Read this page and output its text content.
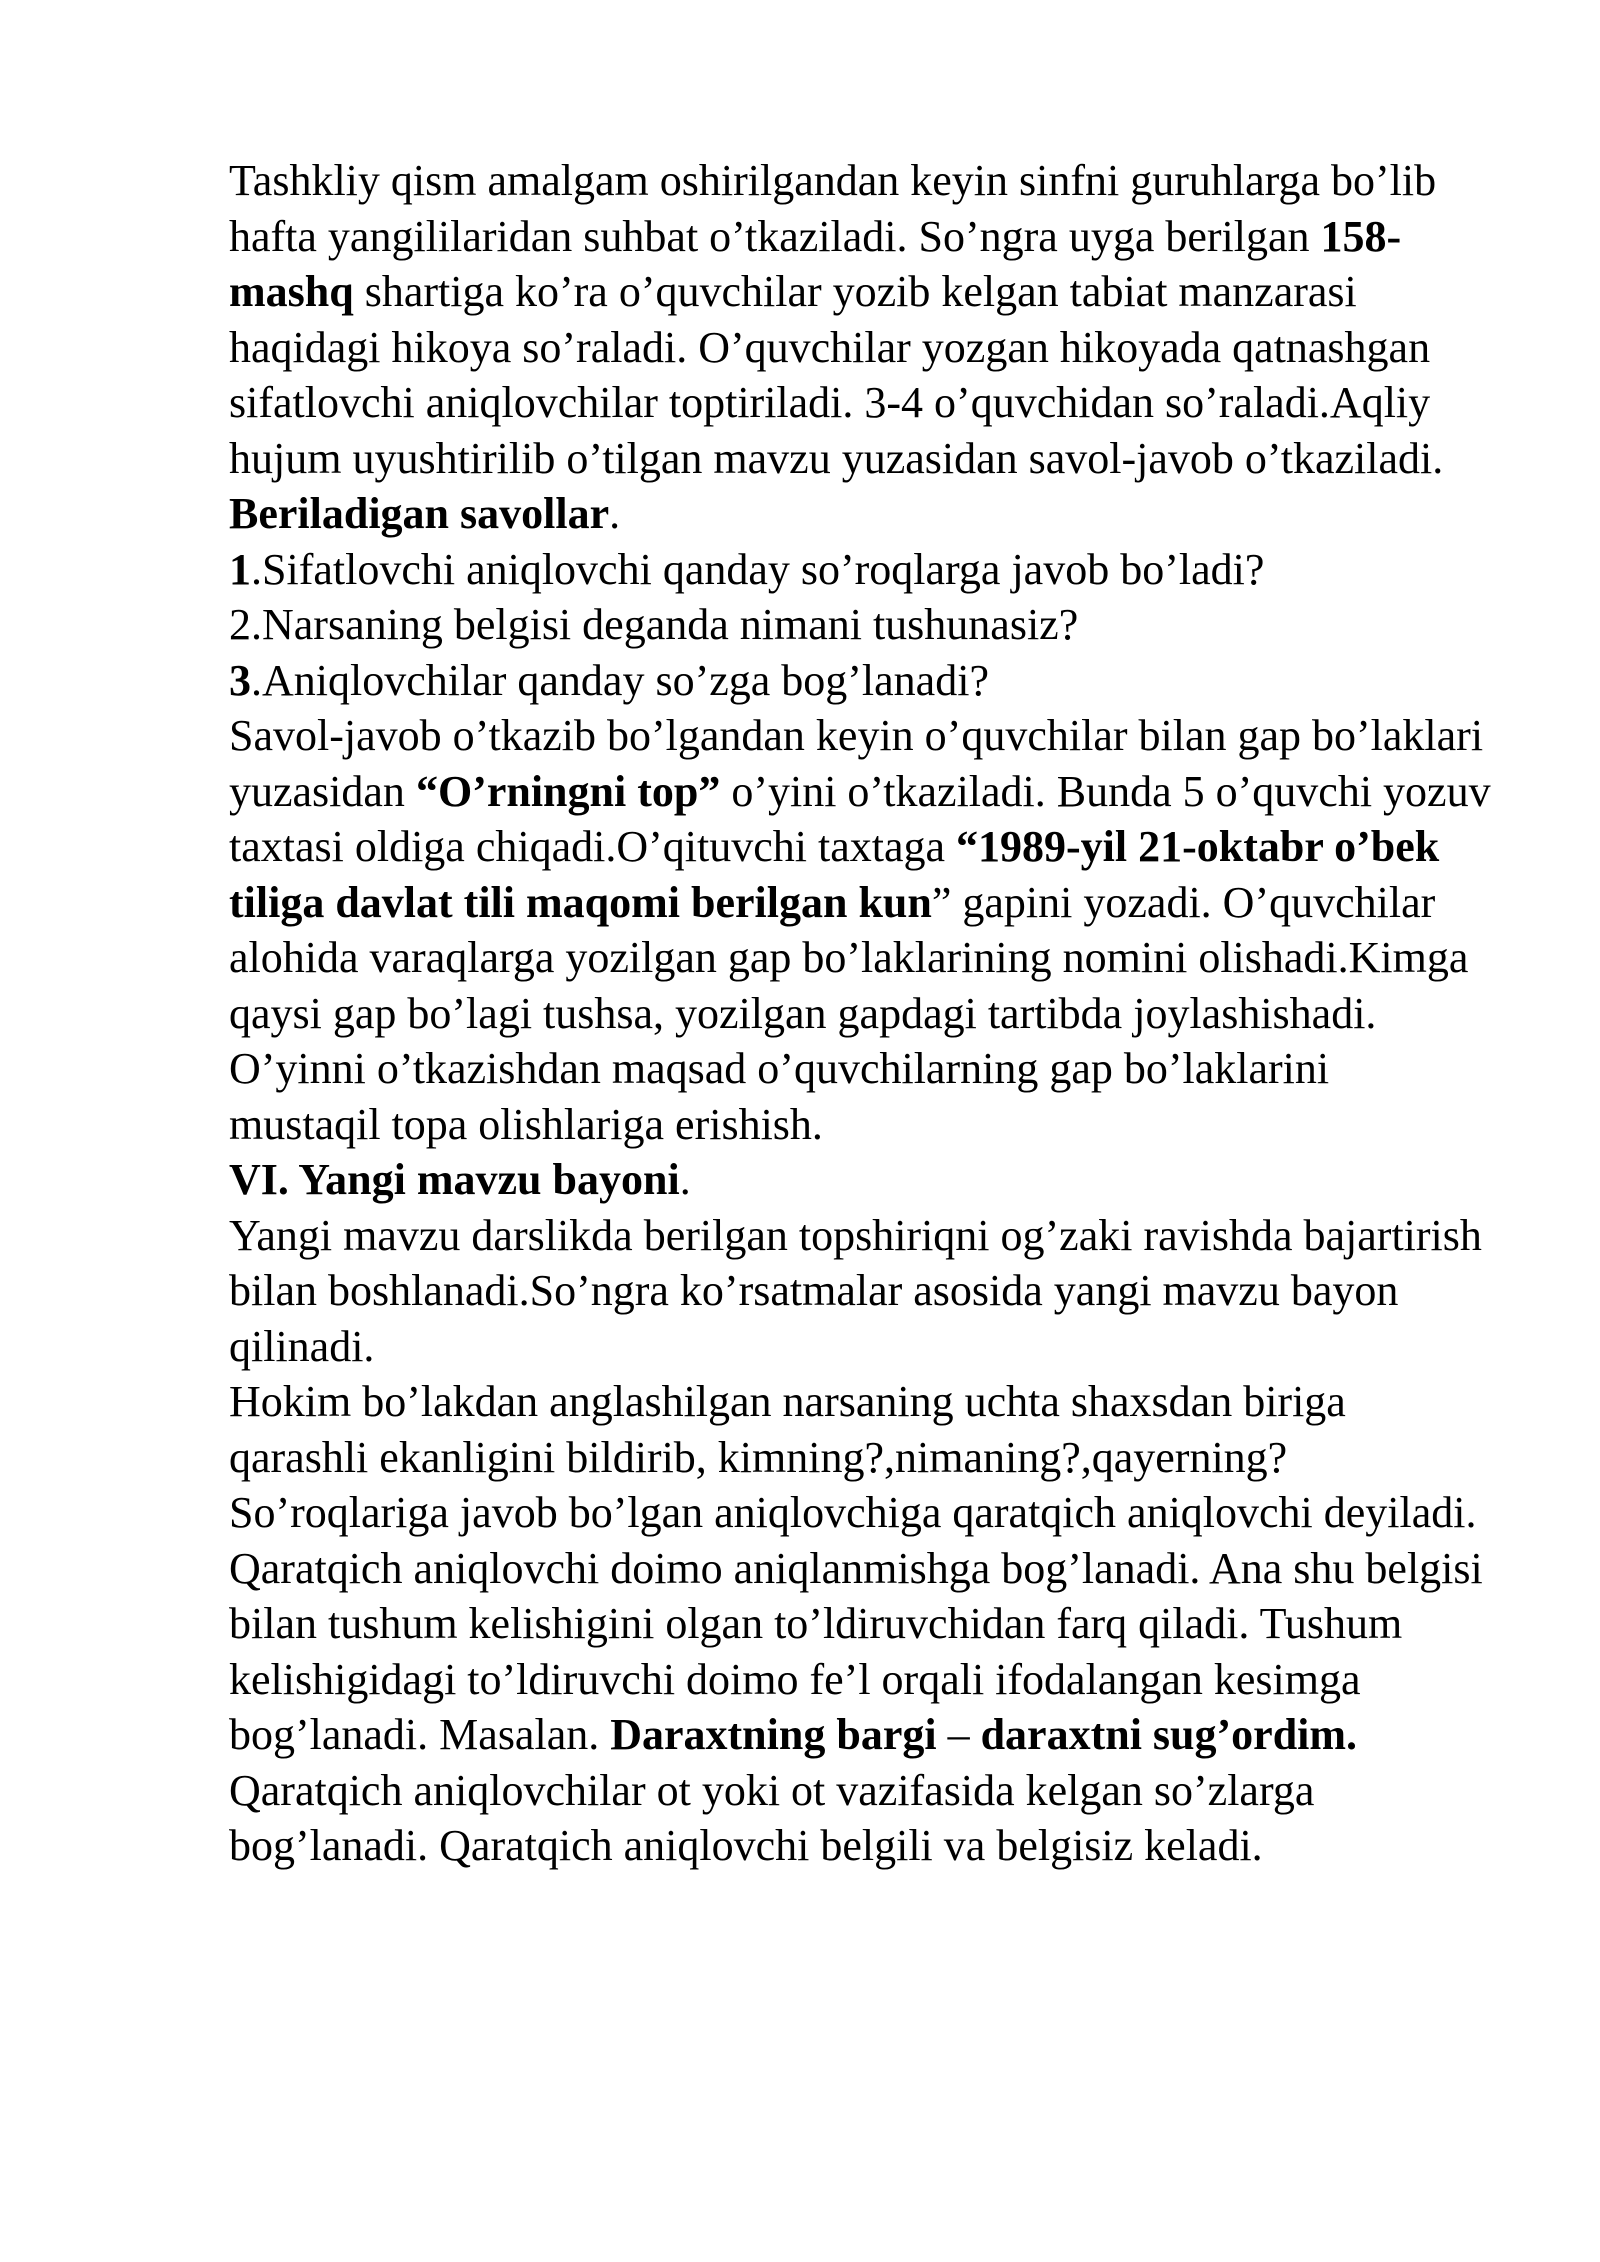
Tashkliy qism amalgam oshirilgandan keyin sinfni guruhlarga bo’lib hafta yangililaridan suhbat o’tkaziladi. So’ngra uyga berilgan 158- mashq shartiga ko’ra o’quvchilar yozib kelgan tabiat manzarasi haqidagi hikoya so’raladi. O’quvchilar yozgan hikoyada qatnashgan sifatlovchi aniqlovchilar toptiriladi. 3-4 o’quvchidan so’raladi.Aqliy hujum uyushtirilib o’tilgan mavzu yuzasidan savol-javob o’tkaziladi.

Beriladigan savollar.

1.Sifatlovchi aniqlovchi qanday so’roqlarga javob bo’ladi?

2.Narsaning belgisi deganda nimani tushunasiz?

3.Aniqlovchilar qanday so’zga bog’lanadi?

Savol-javob o’tkazib bo’lgandan keyin o’quvchilar bilan gap bo’laklari yuzasidan “O’rningni top” o’yini o’tkaziladi. Bunda 5 o’quvchi yozuv taxtasi oldiga chiqadi.O’qituvchi taxtaga “1989-yil 21-oktabr o’bek tiliga davlat tili maqomi berilgan kun” gapini yozadi. O’quvchilar alohida varaqlarga yozilgan gap bo’laklarining nomini olishadi.Kimga qaysi gap bo’lagi tushsa, yozilgan gapdagi tartibda joylashishadi. O’yinni o’tkazishdan maqsad o’quvchilarning gap bo’laklarini mustaqil topa olishlariga erishish.

VI. Yangi mavzu bayoni.

Yangi mavzu darslikda berilgan topshiriqni og’zaki ravishda bajartirish bilan boshlanadi.So’ngra ko’rsatmalar asosida yangi mavzu bayon qilinadi.

Hokim bo’lakdan anglashilgan narsaning uchta shaxsdan biriga qarashli ekanligini bildirib, kimning?,nimaning?,qayerning? So’roqlariga javob bo’lgan aniqlovchiga qaratqich aniqlovchi deyiladi.

Qaratqich aniqlovchi doimo aniqlanmishga bog’lanadi. Ana shu belgisi bilan tushum kelishigini olgan to’ldiruvchidan farq qiladi. Tushum kelishigidagi to’ldiruvchi doimo fe’l orqali ifodalangan kesimga bog’lanadi. Masalan. Daraxtning bargi – daraxtni sug’ordim.

Qaratqich aniqlovchilar ot yoki ot vazifasida kelgan so’zlarga bog’lanadi. Qaratqich aniqlovchi belgili va belgisiz keladi.
